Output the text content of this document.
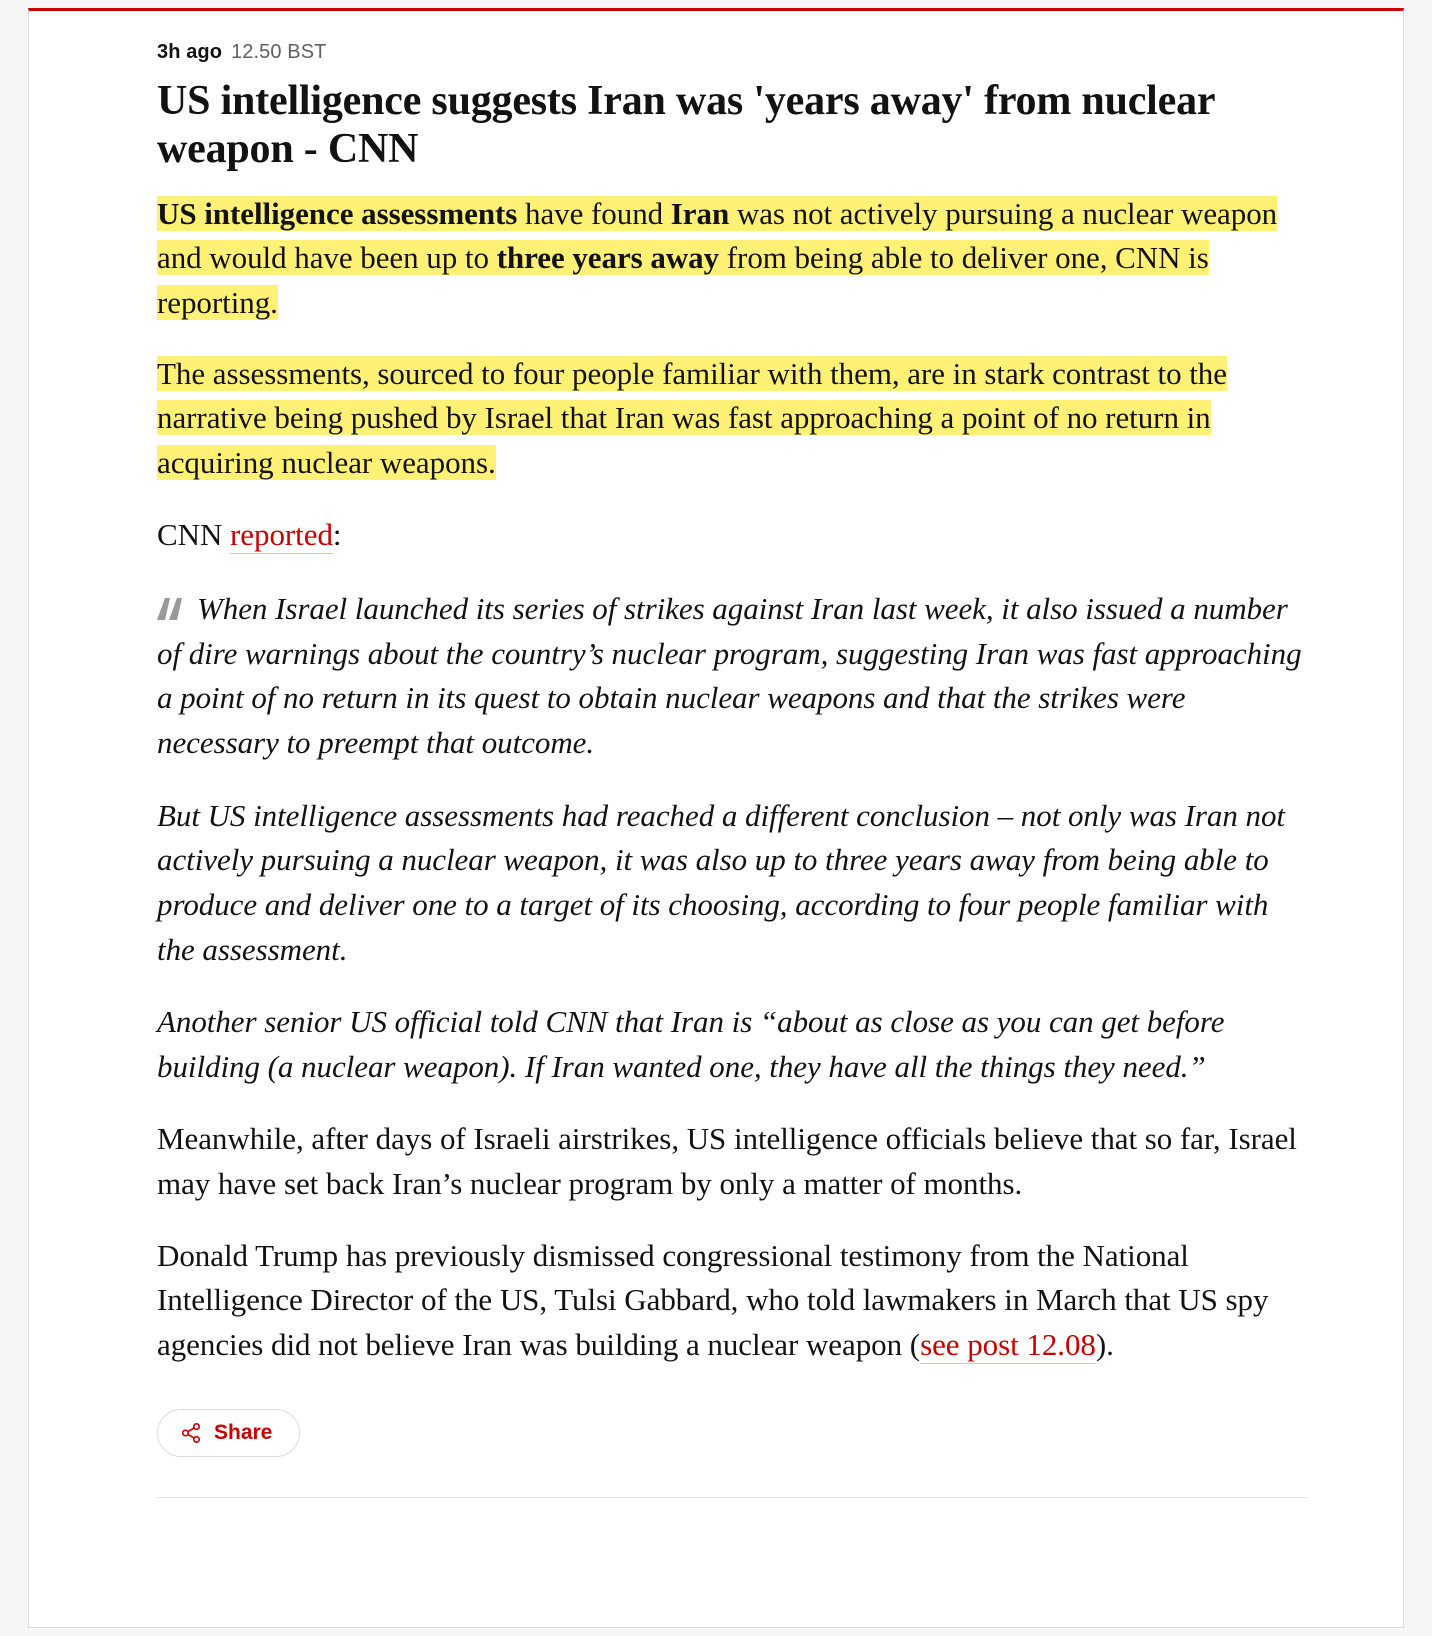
3h ago 12.50 BST
US intelligence suggests Iran was 'years away' from nuclear weapon - CNN

US intelligence assessments have found Iran was not actively pursuing a nuclear weapon and would have been up to three years away from being able to deliver one, CNN is reporting.

The assessments, sourced to four people familiar with them, are in stark contrast to the narrative being pushed by Israel that Iran was fast approaching a point of no return in acquiring nuclear weapons.

CNN reported:

When Israel launched its series of strikes against Iran last week, it also issued a number of dire warnings about the country’s nuclear program, suggesting Iran was fast approaching a point of no return in its quest to obtain nuclear weapons and that the strikes were necessary to preempt that outcome.

But US intelligence assessments had reached a different conclusion – not only was Iran not actively pursuing a nuclear weapon, it was also up to three years away from being able to produce and deliver one to a target of its choosing, according to four people familiar with the assessment.

Another senior US official told CNN that Iran is “about as close as you can get before building (a nuclear weapon). If Iran wanted one, they have all the things they need.”

Meanwhile, after days of Israeli airstrikes, US intelligence officials believe that so far, Israel may have set back Iran’s nuclear program by only a matter of months.

Donald Trump has previously dismissed congressional testimony from the National Intelligence Director of the US, Tulsi Gabbard, who told lawmakers in March that US spy agencies did not believe Iran was building a nuclear weapon (see post 12.08).

Share
